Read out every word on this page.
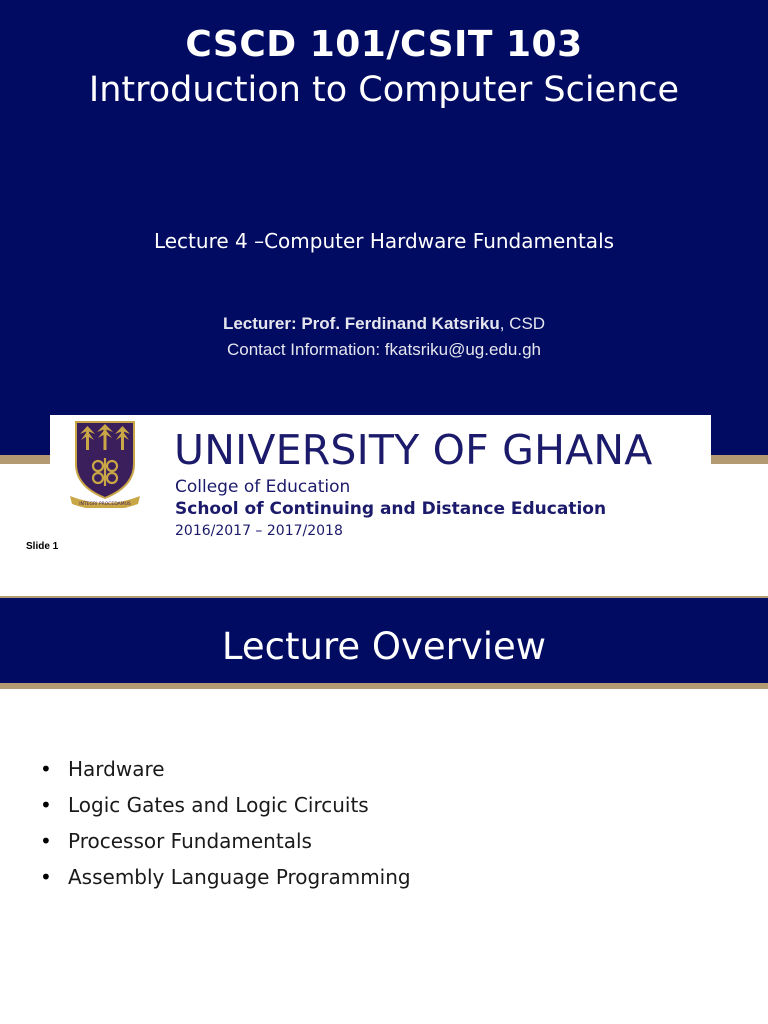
CSCD 101/CSIT 103
Introduction to Computer Science
Lecture 4 –Computer Hardware Fundamentals
Lecturer: Prof. Ferdinand Katsriku, CSD
Contact Information: fkatsriku@ug.edu.gh
INTEGRI PROCEDAMUS
UNIVERSITY OF GHANA
College of Education
School of Continuing and Distance Education
2016/2017 – 2017/2018
Slide 1
Lecture Overview
• Hardware
• Logic Gates and Logic Circuits
• Processor Fundamentals
• Assembly Language Programming
